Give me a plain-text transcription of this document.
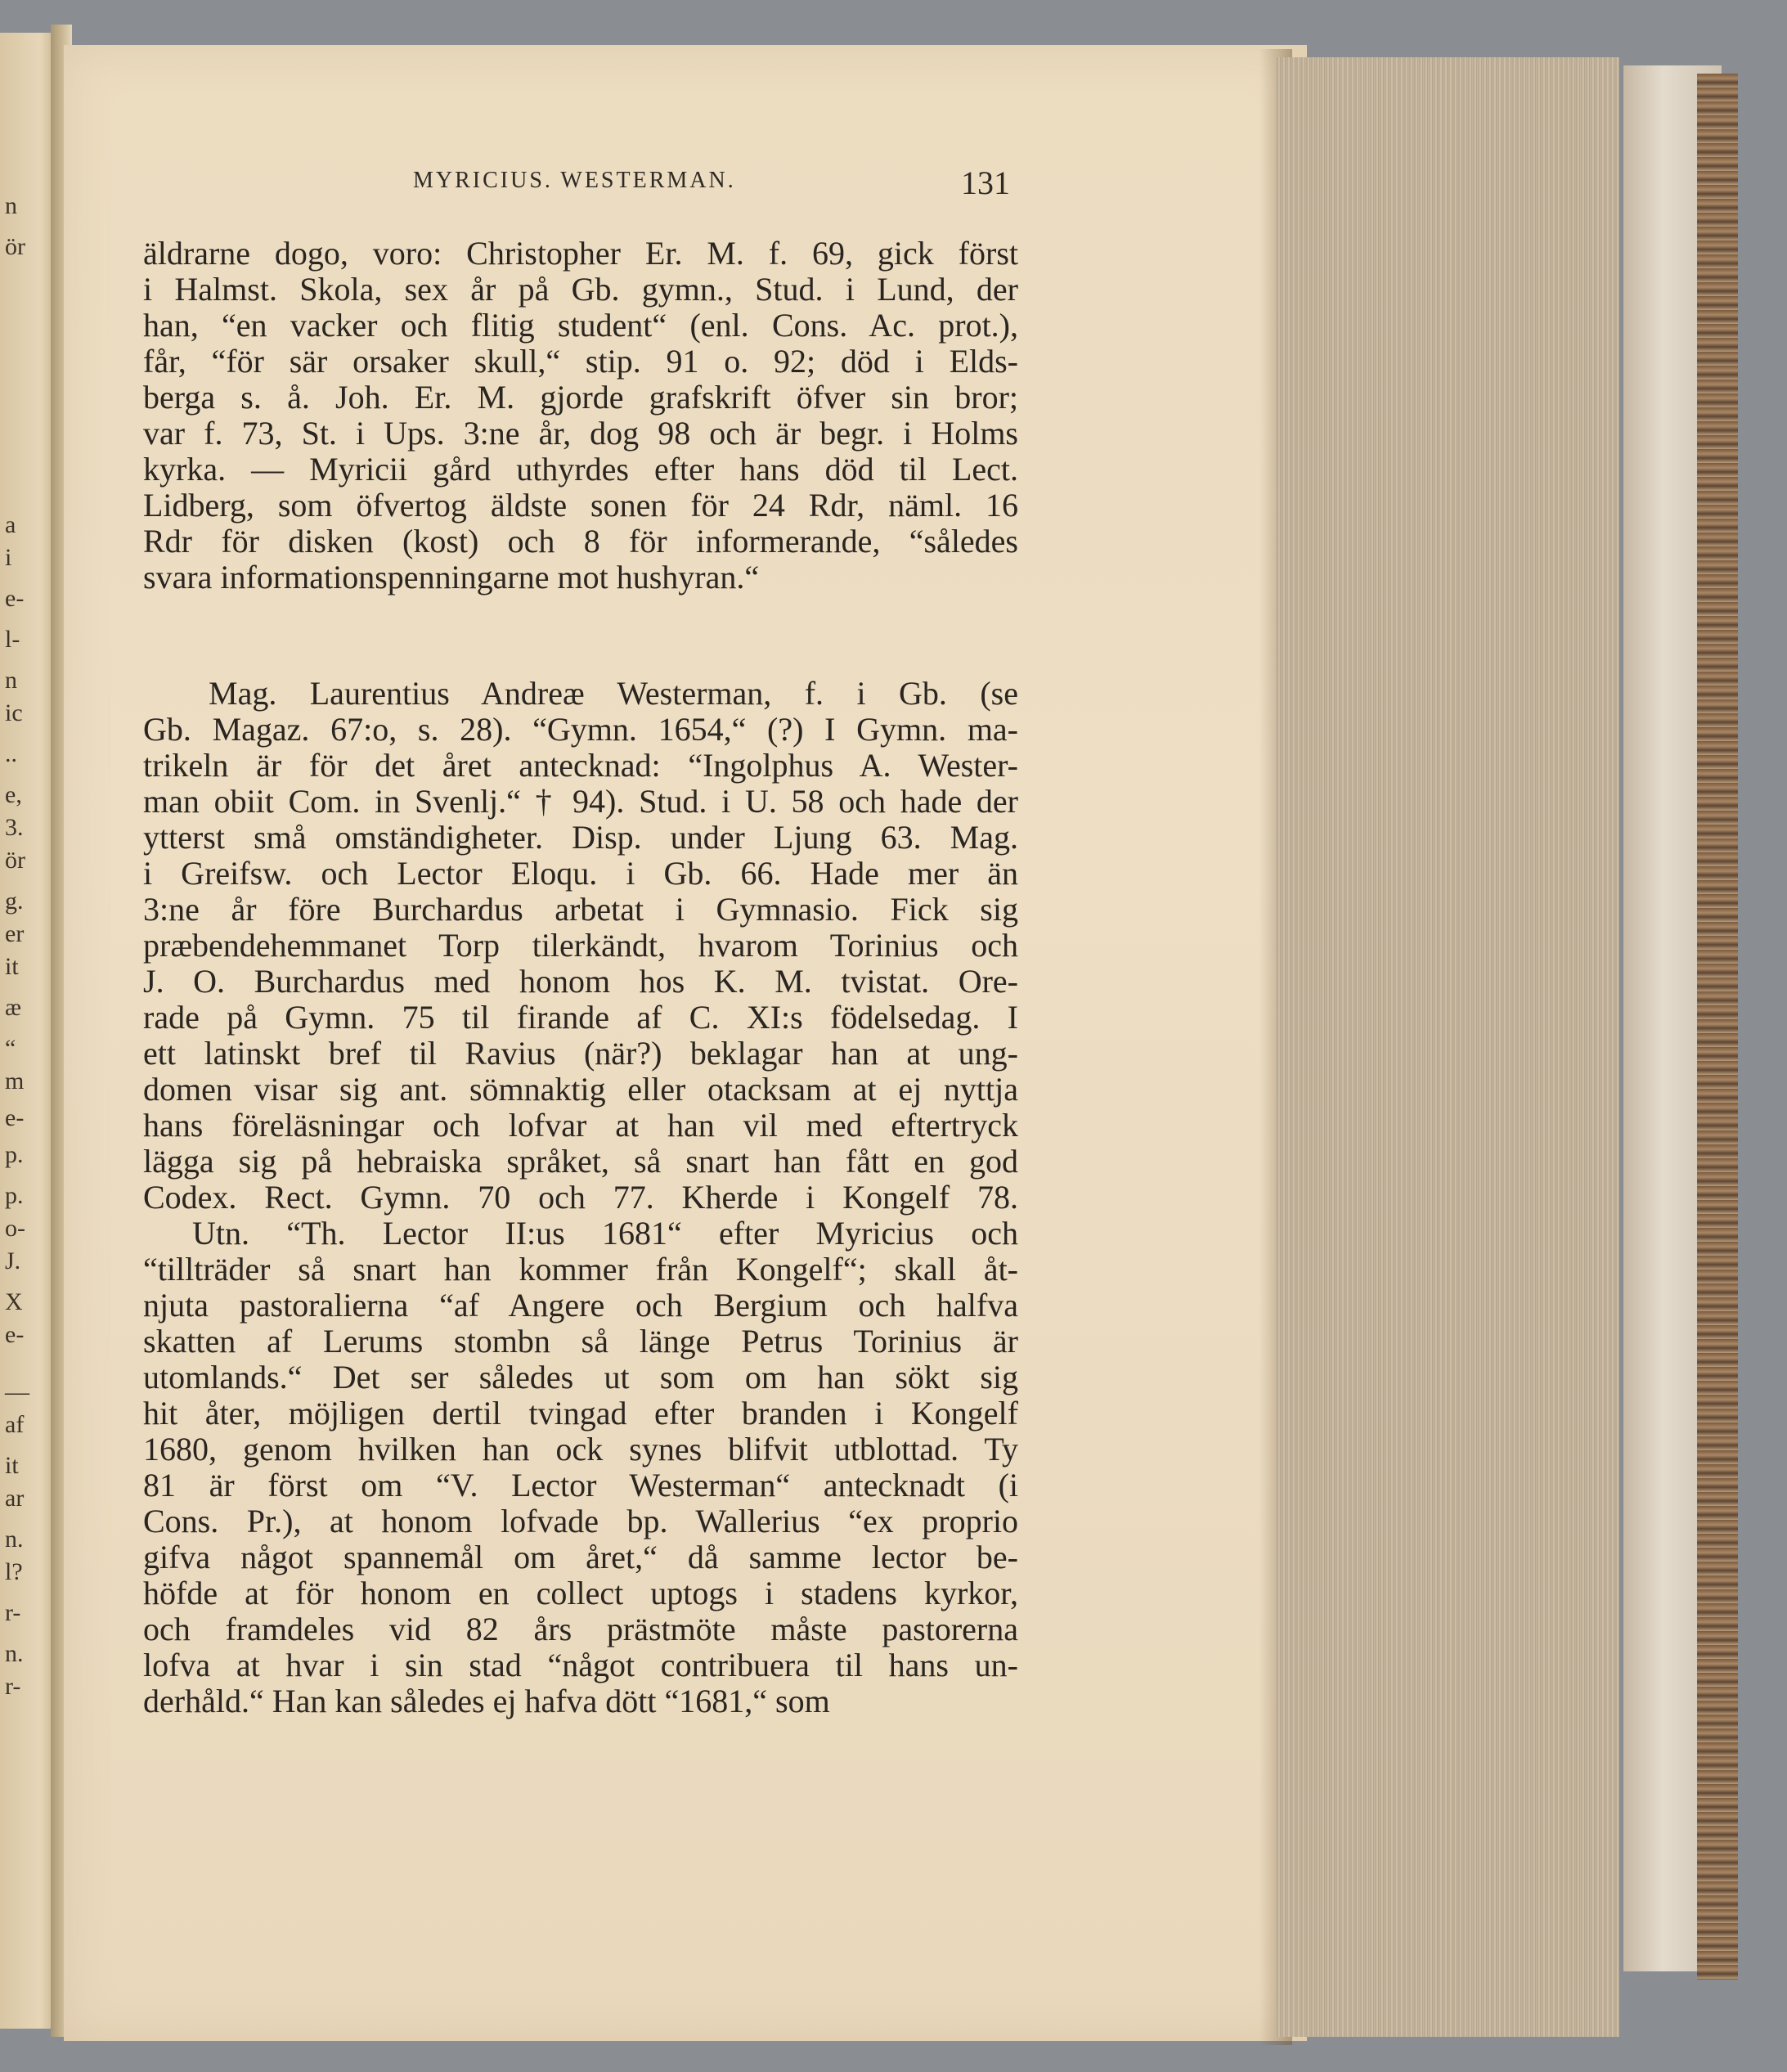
n
ör
a
i
e-
l-
n
ic
..
e,
3.
ör
g.
er
it
æ
“
m
e-
p.
p.
o-
J.
X
e-
—
af
it
ar
n.
l?
r-
n.
r-
MYRICIUS. WESTERMAN.	131
äldrarne dogo, voro: Christopher Er. M. f. 69, gick först
i Halmst. Skola, sex år på Gb. gymn., Stud. i Lund, der
han, “en vacker och flitig student“ (enl. Cons. Ac. prot.),
får, “för sär orsaker skull,“ stip. 91 o. 92; död i Elds-
berga s. å. Joh. Er. M. gjorde grafskrift öfver sin bror;
var f. 73, St. i Ups. 3:ne år, dog 98 och är begr. i Holms
kyrka. — Myricii gård uthyrdes efter hans död til Lect.
Lidberg, som öfvertog äldste sonen för 24 Rdr, näml. 16
Rdr för disken (kost) och 8 för informerande, “således
svara informationspenningarne mot hushyran.“
Mag. Laurentius Andreæ Westerman, f. i Gb. (se
Gb. Magaz. 67:o, s. 28). “Gymn. 1654,“ (?) I Gymn. ma-
trikeln är för det året antecknad: “Ingolphus A. Wester-
man obiit Com. in Svenlj.“ † 94). Stud. i U. 58 och hade der
ytterst små omständigheter. Disp. under Ljung 63. Mag.
i Greifsw. och Lector Eloqu. i Gb. 66. Hade mer än
3:ne år före Burchardus arbetat i Gymnasio. Fick sig
præbendehemmanet Torp tilerkändt, hvarom Torinius och
J. O. Burchardus med honom hos K. M. tvistat. Ore-
rade på Gymn. 75 til firande af C. XI:s födelsedag. I
ett latinskt bref til Ravius (när?) beklagar han at ung-
domen visar sig ant. sömnaktig eller otacksam at ej nyttja
hans föreläsningar och lofvar at han vil med eftertryck
lägga sig på hebraiska språket, så snart han fått en god
Codex. Rect. Gymn. 70 och 77. Kherde i Kongelf 78.
Utn. “Th. Lector II:us 1681“ efter Myricius och
“tillträder så snart han kommer från Kongelf“; skall åt-
njuta pastoralierna “af Angere och Bergium och halfva
skatten af Lerums stombn så länge Petrus Torinius är
utomlands.“ Det ser således ut som om han sökt sig
hit åter, möjligen dertil tvingad efter branden i Kongelf
1680, genom hvilken han ock synes blifvit utblottad. Ty
81 är först om “V. Lector Westerman“ antecknadt (i
Cons. Pr.), at honom lofvade bp. Wallerius “ex proprio
gifva något spannemål om året,“ då samme lector be-
höfde at för honom en collect uptogs i stadens kyrkor,
och framdeles vid 82 års prästmöte måste pastorerna
lofva at hvar i sin stad “något contribuera til hans un-
derhåld.“ Han kan således ej hafva dött “1681,“ som
